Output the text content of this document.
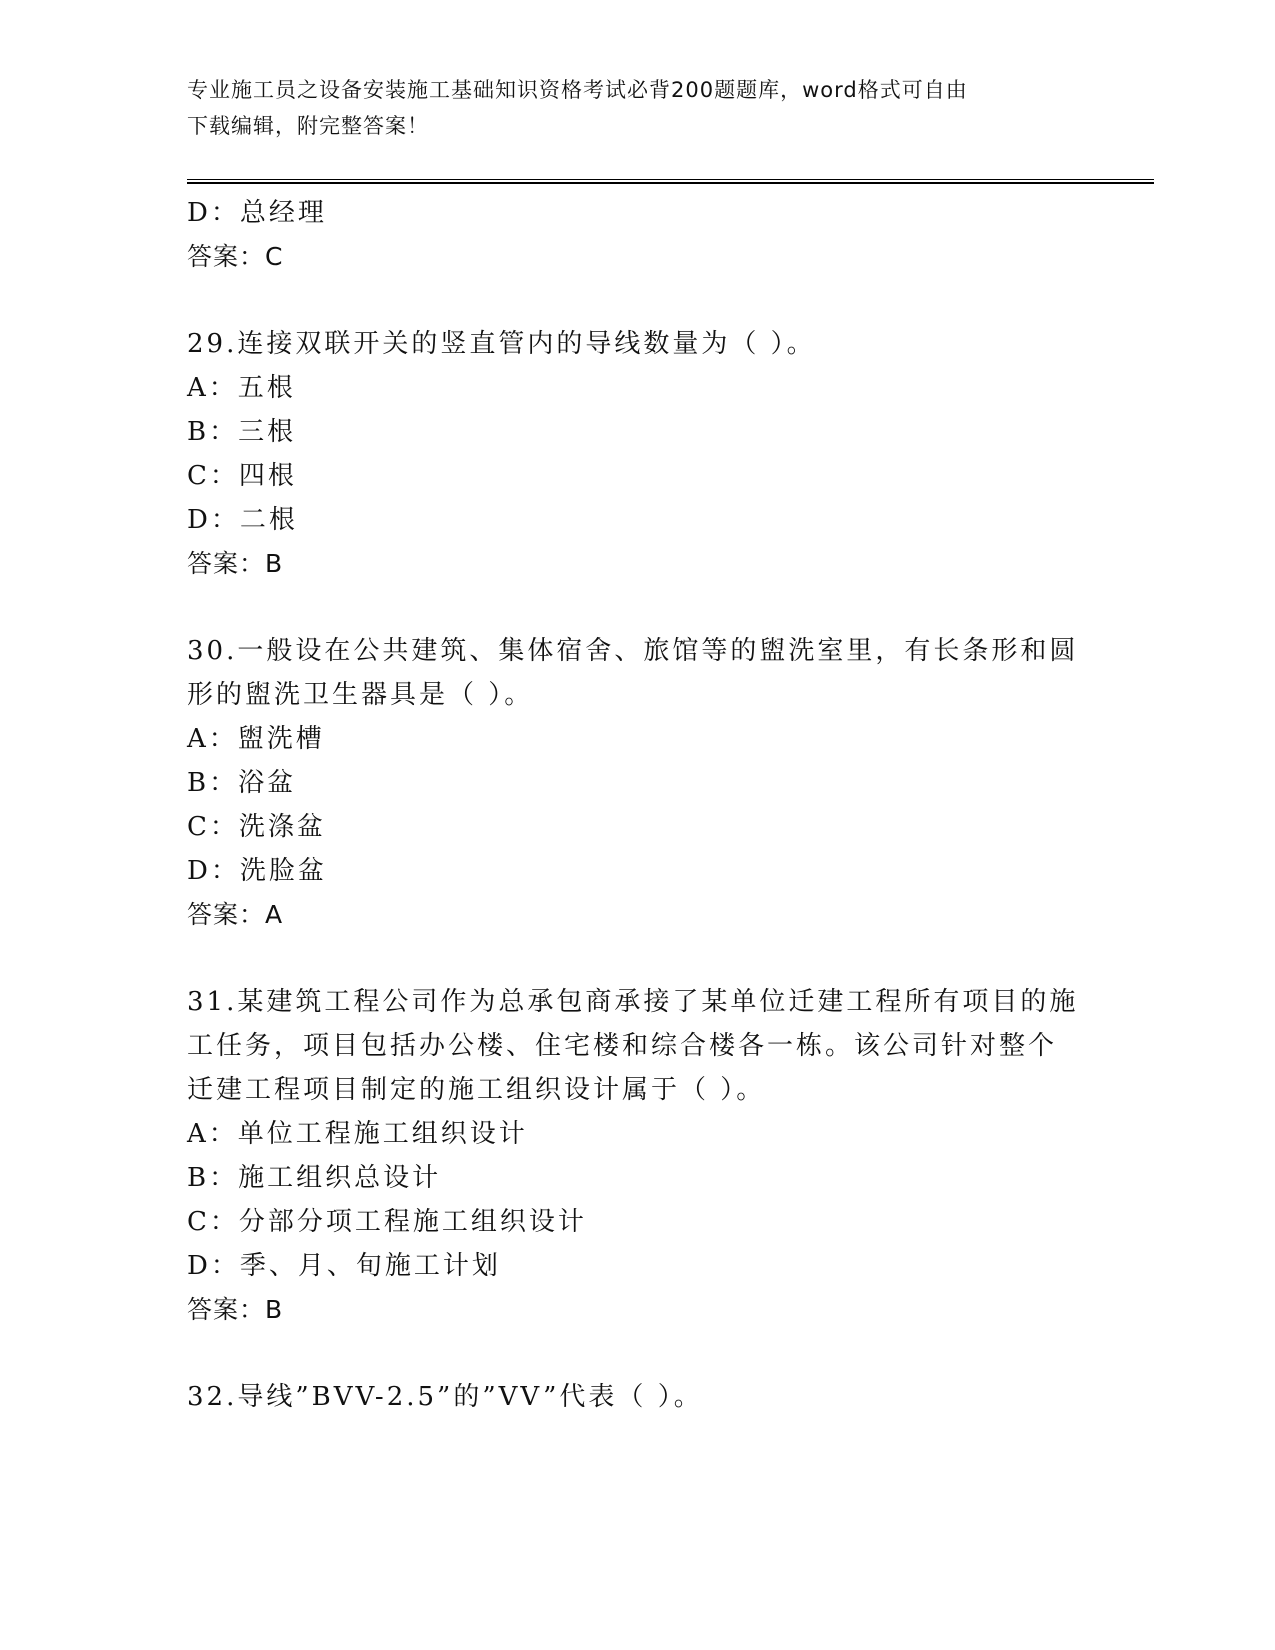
专业施工员之设备安装施工基础知识资格考试必背200题题库，word格式可自由
下载编辑，附完整答案！
D：总经理
答案：C
29.连接双联开关的竖直管内的导线数量为（ ）。
A：五根
B：三根
C：四根
D：二根
答案：B
30.一般设在公共建筑、集体宿舍、旅馆等的盥洗室里，有长条形和圆
形的盥洗卫生器具是（ ）。
A：盥洗槽
B：浴盆
C：洗涤盆
D：洗脸盆
答案：A
31.某建筑工程公司作为总承包商承接了某单位迁建工程所有项目的施
工任务，项目包括办公楼、住宅楼和综合楼各一栋。该公司针对整个
迁建工程项目制定的施工组织设计属于（ ）。
A：单位工程施工组织设计
B：施工组织总设计
C：分部分项工程施工组织设计
D：季、月、旬施工计划
答案：B
32.导线”BVV-2.5”的”VV”代表（ ）。
